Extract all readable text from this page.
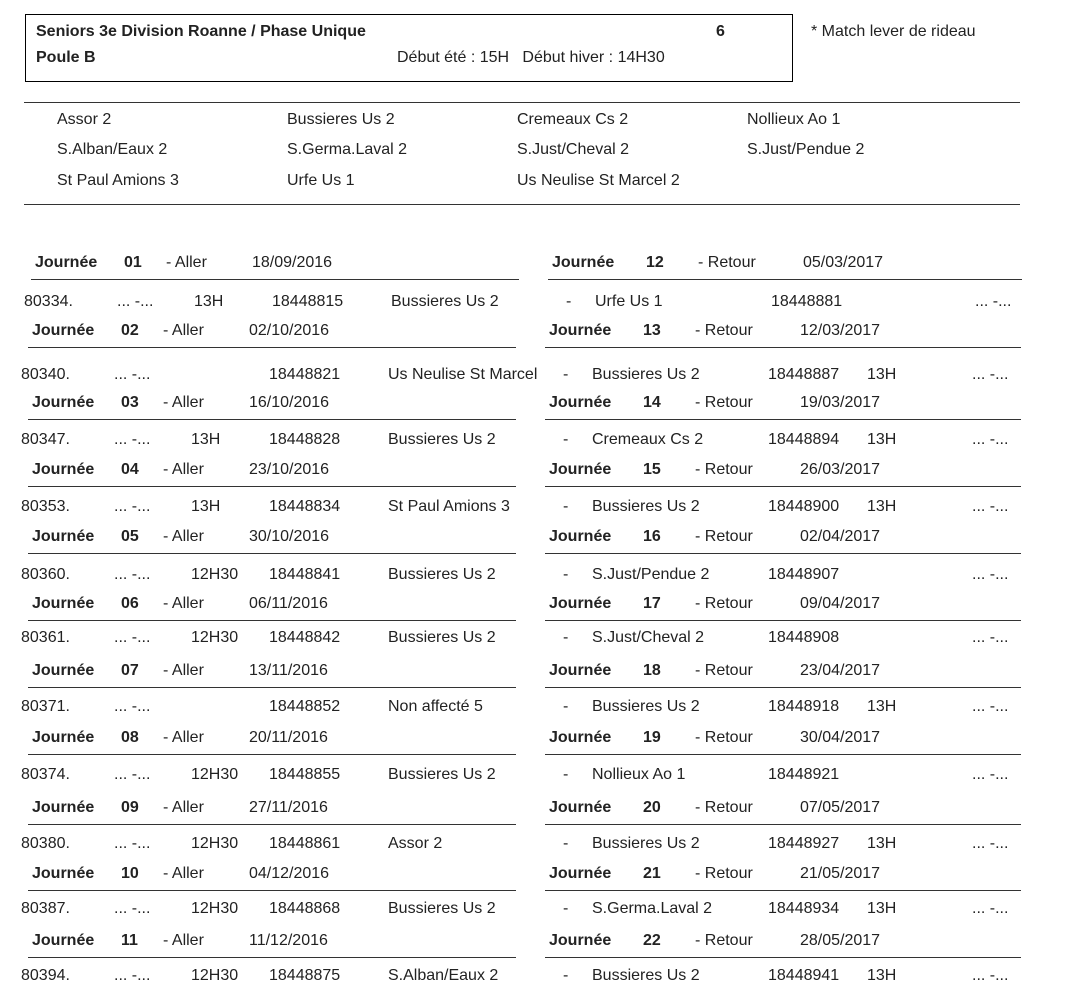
Seniors 3e Division Roanne / Phase Unique	6
Poule B	Début été : 15H   Début hiver : 14H30
* Match lever de rideau
Assor 2	Bussieres Us 2	Cremeaux Cs 2	Nollieux Ao 1
S.Alban/Eaux 2	S.Germa.Laval 2	S.Just/Cheval 2	S.Just/Pendue 2
St Paul Amions 3	Urfe Us 1	Us Neulise St Marcel 2
Journée 01 - Aller	18/09/2016	Journée 12 - Retour	05/03/2017
80334.	... -...	13H	18448815	Bussieres Us 2	- Urfe Us 1	18448881	... -...
Journée 02 - Aller	02/10/2016	Journée 13 - Retour	12/03/2017
80340.	... -...	18448821	Us Neulise St Marcel - Bussieres Us 2	18448887 13H	... -...
Journée 03 - Aller	16/10/2016	Journée 14 - Retour	19/03/2017
80347.	... -...	13H	18448828	Bussieres Us 2	- Cremeaux Cs 2	18448894 13H	... -...
Journée 04 - Aller	23/10/2016	Journée 15 - Retour	26/03/2017
80353.	... -...	13H	18448834	St Paul Amions 3	- Bussieres Us 2	18448900 13H	... -...
Journée 05 - Aller	30/10/2016	Journée 16 - Retour	02/04/2017
80360.	... -...	12H30 18448841	Bussieres Us 2	- S.Just/Pendue 2	18448907	... -...
Journée 06 - Aller	06/11/2016	Journée 17 - Retour	09/04/2017
80361.	... -...	12H30 18448842	Bussieres Us 2	- S.Just/Cheval 2	18448908	... -...
Journée 07 - Aller	13/11/2016	Journée 18 - Retour	23/04/2017
80371.	... -...	18448852	Non affecté 5	- Bussieres Us 2	18448918 13H	... -...
Journée 08 - Aller	20/11/2016	Journée 19 - Retour	30/04/2017
80374.	... -...	12H30 18448855	Bussieres Us 2	- Nollieux Ao 1	18448921	... -...
Journée 09 - Aller	27/11/2016	Journée 20 - Retour	07/05/2017
80380.	... -...	12H30 18448861	Assor 2	- Bussieres Us 2	18448927 13H	... -...
Journée 10 - Aller	04/12/2016	Journée 21 - Retour	21/05/2017
80387.	... -...	12H30 18448868	Bussieres Us 2	- S.Germa.Laval 2	18448934 13H	... -...
Journée 11 - Aller	11/12/2016	Journée 22 - Retour	28/05/2017
80394.	... -...	12H30 18448875	S.Alban/Eaux 2	- Bussieres Us 2	18448941 13H	... -...
